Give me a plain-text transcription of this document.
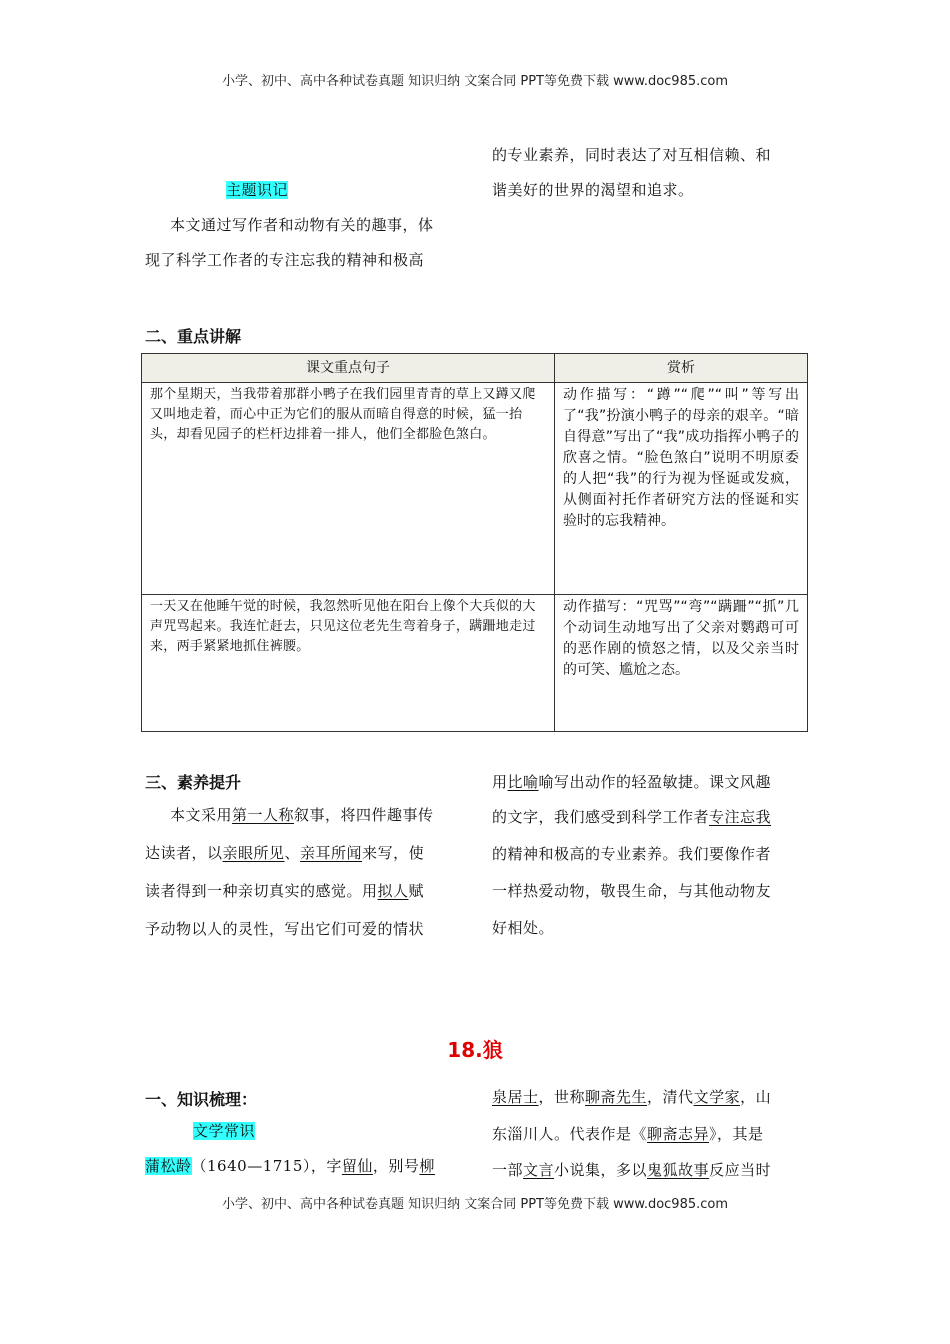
小学、初中、高中各种试卷真题 知识归纳 文案合同 PPT等免费下载 www.doc985.com
的专业素养，同时表达了对互相信赖、和
谐美好的世界的渴望和追求。
主题识记
本文通过写作者和动物有关的趣事，体
现了科学工作者的专注忘我的精神和极高
二、重点讲解
课文重点句子	赏析
那个星期天，当我带着那群小鸭子在我们园里青青的草上又蹲又爬又叫地走着，而心中正为它们的服从而暗自得意的时候，猛一抬头，却看见园子的栏杆边排着一排人，他们全都脸色煞白。	动作描写：“蹲”“爬”“叫”等写出了“我”扮演小鸭子的母亲的艰辛。“暗自得意”写出了“我”成功指挥小鸭子的欣喜之情。“脸色煞白”说明不明原委的人把“我”的行为视为怪诞或发疯，从侧面衬托作者研究方法的怪诞和实验时的忘我精神。
一天又在他睡午觉的时候，我忽然听见他在阳台上像个大兵似的大声咒骂起来。我连忙赶去，只见这位老先生弯着身子，蹒跚地走过来，两手紧紧地抓住裤腰。	动作描写：“咒骂”“弯”“蹒跚”“抓”几个动词生动地写出了父亲对鹦鹉可可的恶作剧的愤怒之情，以及父亲当时的可笑、尴尬之态。
三、素养提升
本文采用第一人称叙事，将四件趣事传
达读者，以亲眼所见、亲耳所闻来写，使
读者得到一种亲切真实的感觉。用拟人赋
予动物以人的灵性，写出它们可爱的情状
用比喻喻写出动作的轻盈敏捷。课文风趣
的文字，我们感受到科学工作者专注忘我
的精神和极高的专业素养。我们要像作者
一样热爱动物，敬畏生命，与其他动物友
好相处。
18.狼
一、知识梳理：
文学常识
蒲松龄（1640—1715），字留仙，别号柳
泉居士，世称聊斋先生，清代文学家，山
东淄川人。代表作是《聊斋志异》，其是
一部文言小说集，多以鬼狐故事反应当时
小学、初中、高中各种试卷真题 知识归纳 文案合同 PPT等免费下载 www.doc985.com
